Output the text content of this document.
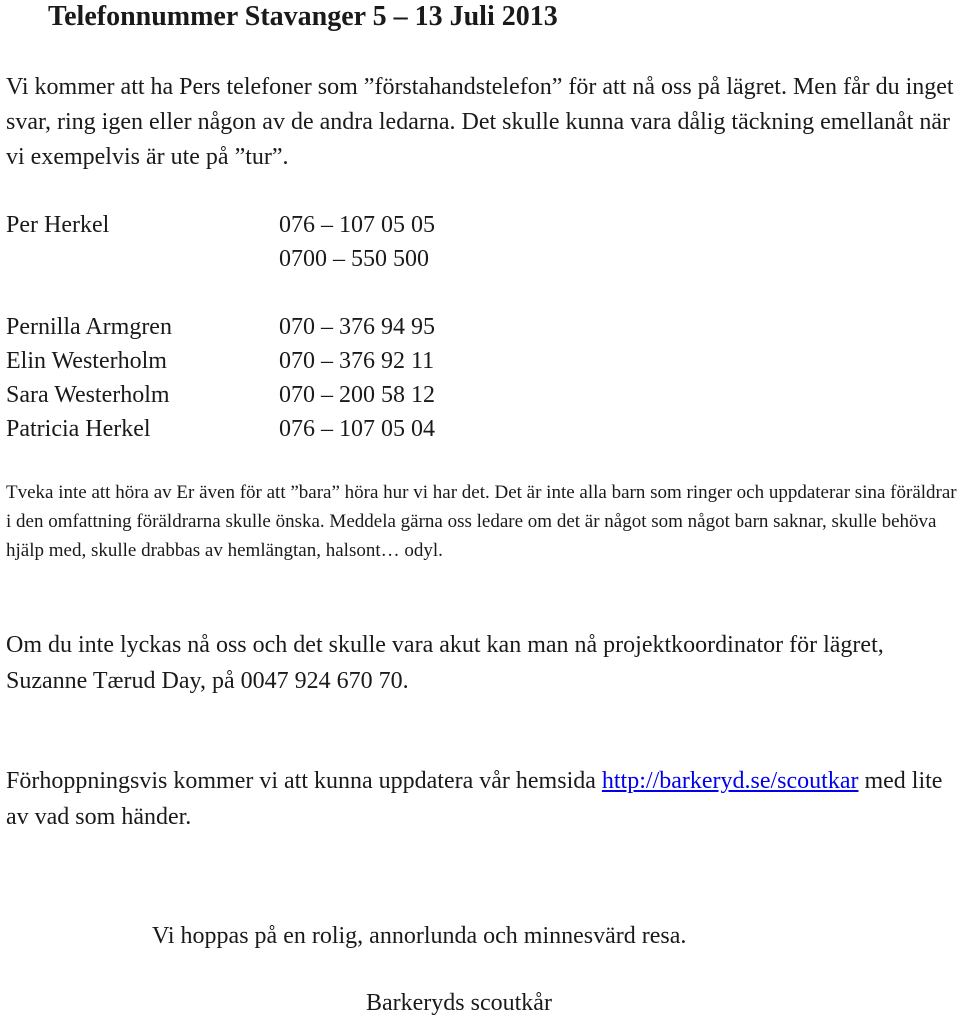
Telefonnummer Stavanger 5 – 13 Juli 2013

Vi kommer att ha Pers telefoner som ”förstahandstelefon” för att nå oss på lägret. Men får du inget svar, ring igen eller någon av de andra ledarna. Det skulle kunna vara dålig täckning emellanåt när vi exempelvis är ute på ”tur”.

Per Herkel	076 – 107 05 05
0700 – 550 500
Pernilla Armgren	070 – 376 94 95
Elin Westerholm	070 – 376 92 11
Sara Westerholm	070 – 200 58 12
Patricia Herkel	076 – 107 05 04

Tveka inte att höra av Er även för att ”bara” höra hur vi har det. Det är inte alla barn som ringer och uppdaterar sina föräldrar i den omfattning föräldrarna skulle önska. Meddela gärna oss ledare om det är något som något barn saknar, skulle behöva hjälp med, skulle drabbas av hemlängtan, halsont… odyl.

Om du inte lyckas nå oss och det skulle vara akut kan man nå projektkoordinator för lägret, Suzanne Tærud Day, på 0047 924 670 70.

Förhoppningsvis kommer vi att kunna uppdatera vår hemsida http://barkeryd.se/scoutkar med lite av vad som händer.

Vi hoppas på en rolig, annorlunda och minnesvärd resa.

Barkeryds scoutkår
